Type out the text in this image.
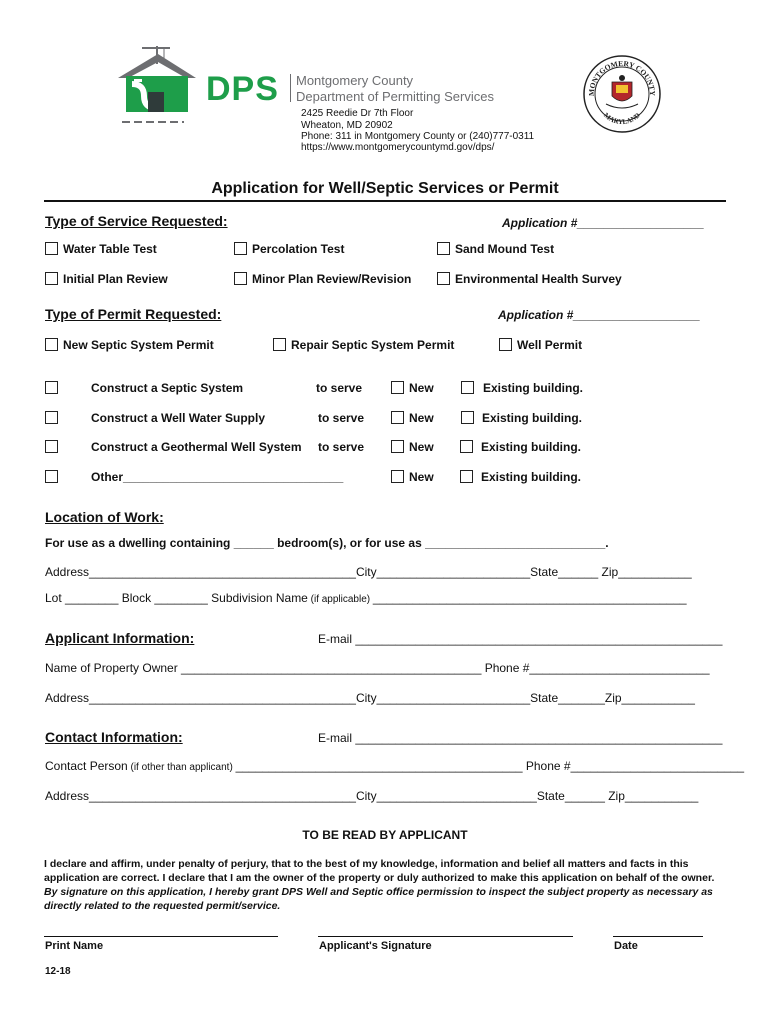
DPS Montgomery County
Department of Permitting Services
2425 Reedie Dr 7th Floor
Wheaton, MD 20902
Phone: 311 in Montgomery County or (240)777-0311
https://www.montgomerycountymd.gov/dps/
MONTGOMERY COUNTY
MARYLAND
Application for Well/Septic Services or Permit
Type of Service Requested:	Application #___________________
Water Table Test	Percolation Test	Sand Mound Test
Initial Plan Review	Minor Plan Review/Revision	Environmental Health Survey
Type of Permit Requested:	Application #___________________
New Septic System Permit	Repair Septic System Permit	Well Permit
Construct a Septic System	to serve	New	Existing building.
Construct a Well Water Supply	to serve	New	Existing building.
Construct a Geothermal Well System to serve	New	Existing building.
Other_________________________________	New	Existing building.
Location of Work:
For use as a dwelling containing ______ bedroom(s), or for use as ___________________________.
Address________________________________________City_______________________State______ Zip___________
Lot ________ Block ________ Subdivision Name (if applicable) _______________________________________________
Applicant Information:	E-mail _______________________________________________________
Name of Property Owner _____________________________________________ Phone #___________________________
Address________________________________________City_______________________State_______Zip___________
Contact Information:	E-mail _______________________________________________________
Contact Person (if other than applicant) ___________________________________________ Phone #__________________________
Address________________________________________City________________________State______ Zip___________
TO BE READ BY APPLICANT
I declare and affirm, under penalty of perjury, that to the best of my knowledge, information and belief all matters and facts in this application are correct. I declare that I am the owner of the property or duly authorized to make this application on behalf of the owner. By signature on this application, I hereby grant DPS Well and Septic office permission to inspect the subject property as necessary as directly related to the requested permit/service.
Print Name	Applicant's Signature	Date
12-18
